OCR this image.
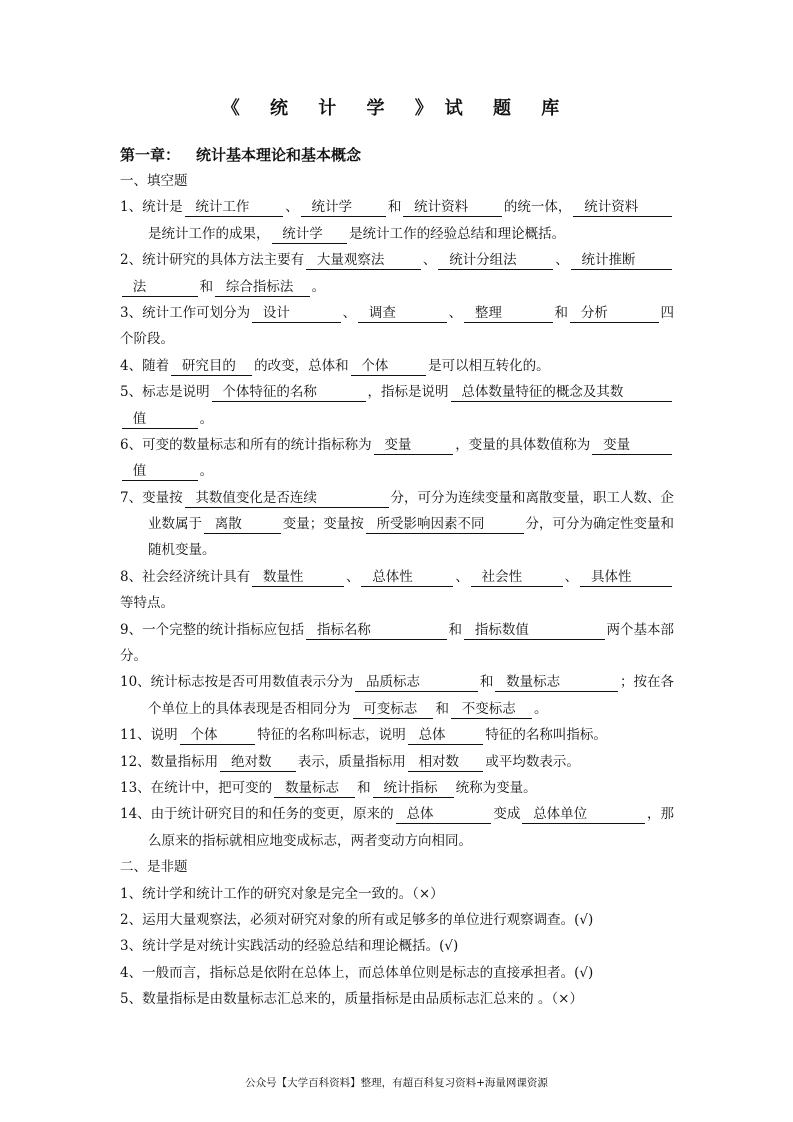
《 统 计 学 》试 题 库
第一章： 统计基本理论和基本概念
一、填空题
1、统计是 统计工作	、 统计学	和 统计资料	的统一体， 统计资料
是统计工作的成果， 统计学	是统计工作的经验总结和理论概括。
2、统计研究的具体方法主要有 大量观察法	、 统计分组法	、 统计推断
法	和 综合指标法	。
3、统计工作可划分为 设计	、 调查	、 整理	和 分析	四
个阶段。
4、随着 研究目的	的改变，总体和 个体	是可以相互转化的。
5、标志是说明 个体特征的名称	，指标是说明 总体数量特征的概念及其数
值	。
6、可变的数量标志和所有的统计指标称为 变量	，变量的具体数值称为 变量
值	。
7、变量按 其数值变化是否连续	分，可分为连续变量和离散变量，职工人数、企
业数属于 离散	变量；变量按 所受影响因素不同	分，可分为确定性变量和
随机变量。
8、社会经济统计具有 数量性	、 总体性	、 社会性	、 具体性
等特点。
9、一个完整的统计指标应包括 指标名称	和 指标数值	两个基本部
分。
10、统计标志按是否可用数值表示分为 品质标志	和 数量标志	；按在各
个单位上的具体表现是否相同分为 可变标志	和 不变标志	。
11、说明 个体	特征的名称叫标志，说明 总体	特征的名称叫指标。
12、数量指标用 绝对数	表示，质量指标用 相对数	或平均数表示。
13、在统计中，把可变的 数量标志	和 统计指标	统称为变量。
14、由于统计研究目的和任务的变更，原来的 总体	变成 总体单位	，那
么原来的指标就相应地变成标志，两者变动方向相同。
二、是非题
1、统计学和统计工作的研究对象是完全一致的。（×）
2、运用大量观察法，必须对研究对象的所有或足够多的单位进行观察调查。(√)
3、统计学是对统计实践活动的经验总结和理论概括。(√)
4、一般而言，指标总是依附在总体上，而总体单位则是标志的直接承担者。(√)
5、数量指标是由数量标志汇总来的，质量指标是由品质标志汇总来的 。（×）
公众号【大学百科资料】整理，有超百科复习资料+海量网课资源
